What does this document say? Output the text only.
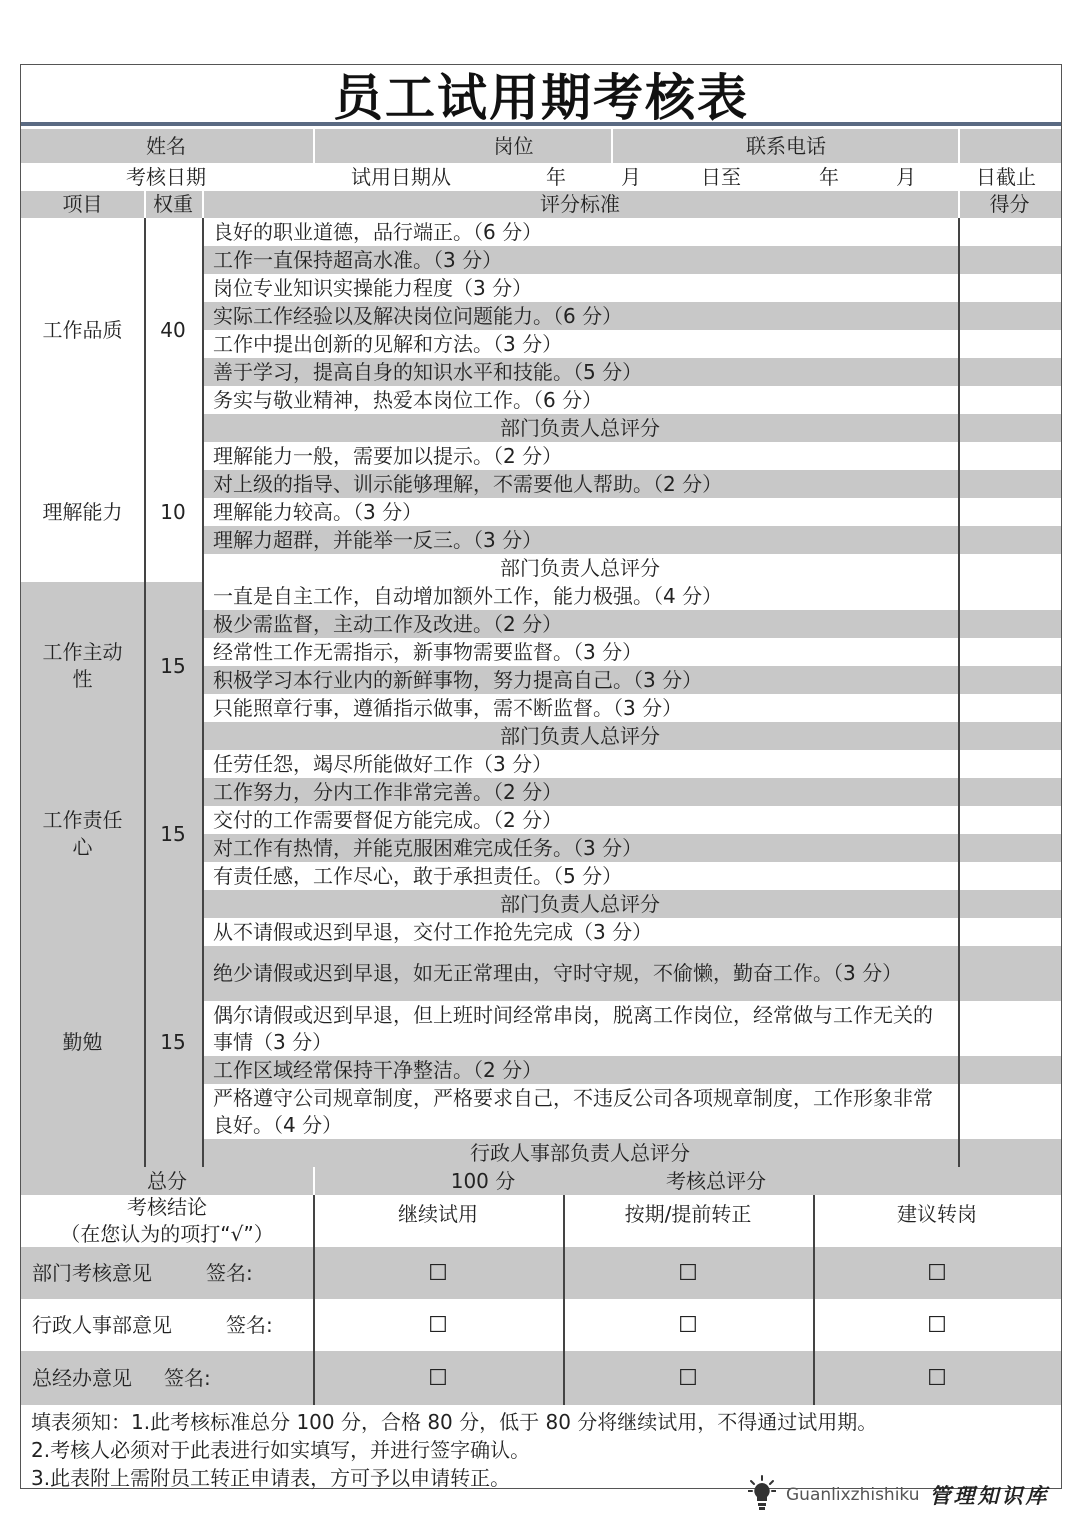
员工试用期考核表
姓名	岗位	联系电话
考核日期	试用日期从	年	月	日至	年	月	日截止
项目	权重	评分标准	得分
工作品质	40
良好的职业道德，品行端正。（6 分）
工作一直保持超高水准。（3 分）
岗位专业知识实操能力程度（3 分）
实际工作经验以及解决岗位问题能力。（6 分）
工作中提出创新的见解和方法。（3 分）
善于学习，提高自身的知识水平和技能。（5 分）
务实与敬业精神，热爱本岗位工作。（6 分）
部门负责人总评分
理解能力	10
理解能力一般，需要加以提示。（2 分）
对上级的指导、训示能够理解，不需要他人帮助。（2 分）
理解能力较高。（3 分）
理解力超群，并能举一反三。（3 分）
部门负责人总评分
工作主动性
15
一直是自主工作，自动增加额外工作，能力极强。（4 分）
极少需监督，主动工作及改进。（2 分）
经常性工作无需指示，新事物需要监督。（3 分）
积极学习本行业内的新鲜事物，努力提高自己。（3 分）
只能照章行事，遵循指示做事，需不断监督。（3 分）
部门负责人总评分
工作责任心
15
任劳任怨，竭尽所能做好工作（3 分）
工作努力，分内工作非常完善。（2 分）
交付的工作需要督促方能完成。（2 分）
对工作有热情，并能克服困难完成任务。（3 分）
有责任感，工作尽心，敢于承担责任。（5 分）
部门负责人总评分
勤勉	15
从不请假或迟到早退，交付工作抢先完成（3 分）
绝少请假或迟到早退，如无正常理由，守时守规，不偷懒，勤奋工作。（3 分）
偶尔请假或迟到早退，但上班时间经常串岗，脱离工作岗位，经常做与工作无关的事情（3 分）
工作区域经常保持干净整洁。（2 分）
严格遵守公司规章制度，严格要求自己，不违反公司各项规章制度，工作形象非常良好。（4 分）
行政人事部负责人总评分
总分	100 分	考核总评分
考核结论
（在您认为的项打“√”）
继续试用	按期/提前转正	建议转岗
部门考核意见	签名:	☐	☐	☐
行政人事部意见	签名:	☐	☐	☐
总经办意见 签名:	☐	☐	☐
填表须知：1.此考核标准总分 100 分，合格 80 分，低于 80 分将继续试用，不得通过试用期。
2.考核人必须对于此表进行如实填写，并进行签字确认。
3.此表附上需附员工转正申请表，方可予以申请转正。
Guanlixzhishiku 管理知识库
